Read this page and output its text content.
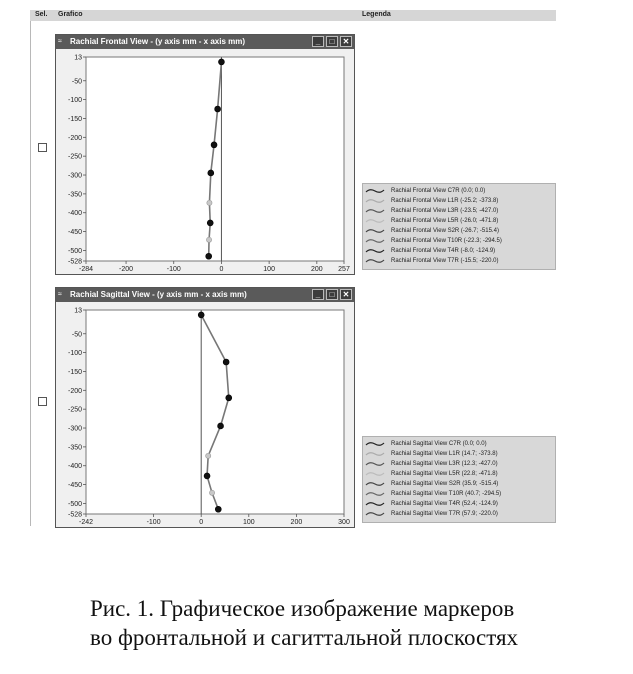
Sel. Grafico	Legenda
≈	Rachial Frontal View - (y axis mm - x axis mm)	_	□	✕
13
-50
-100
-150
-200
-250
-300
-350
-400
-450
-500
-528
-284	-200	-100	0	100	200 257
Rachial Frontal View C7R (0.0; 0.0)
Rachial Frontal View L1R (-25.2; -373.8)
Rachial Frontal View L3R (-23.5; -427.0)
Rachial Frontal View L5R (-26.0; -471.8)
Rachial Frontal View S2R (-26.7; -515.4)
Rachial Frontal View T10R (-22.3; -294.5)
Rachial Frontal View T4R (-8.0; -124.9)
Rachial Frontal View T7R (-15.5; -220.0)
≈	Rachial Sagittal View - (y axis mm - x axis mm)	_	□	✕
13
-50
-100
-150
-200
-250
-300
-350
-400
-450
-500
-528
-242	-100	0	100	200	300
Rachial Sagittal View C7R (0.0; 0.0)
Rachial Sagittal View L1R (14.7; -373.8)
Rachial Sagittal View L3R (12.3; -427.0)
Rachial Sagittal View L5R (22.8; -471.8)
Rachial Sagittal View S2R (35.9; -515.4)
Rachial Sagittal View T10R (40.7; -294.5)
Rachial Sagittal View T4R (52.4; -124.9)
Rachial Sagittal View T7R (57.9; -220.0)
Рис. 1. Графическое изображение маркеров
во фронтальной и сагиттальной плоскостях
